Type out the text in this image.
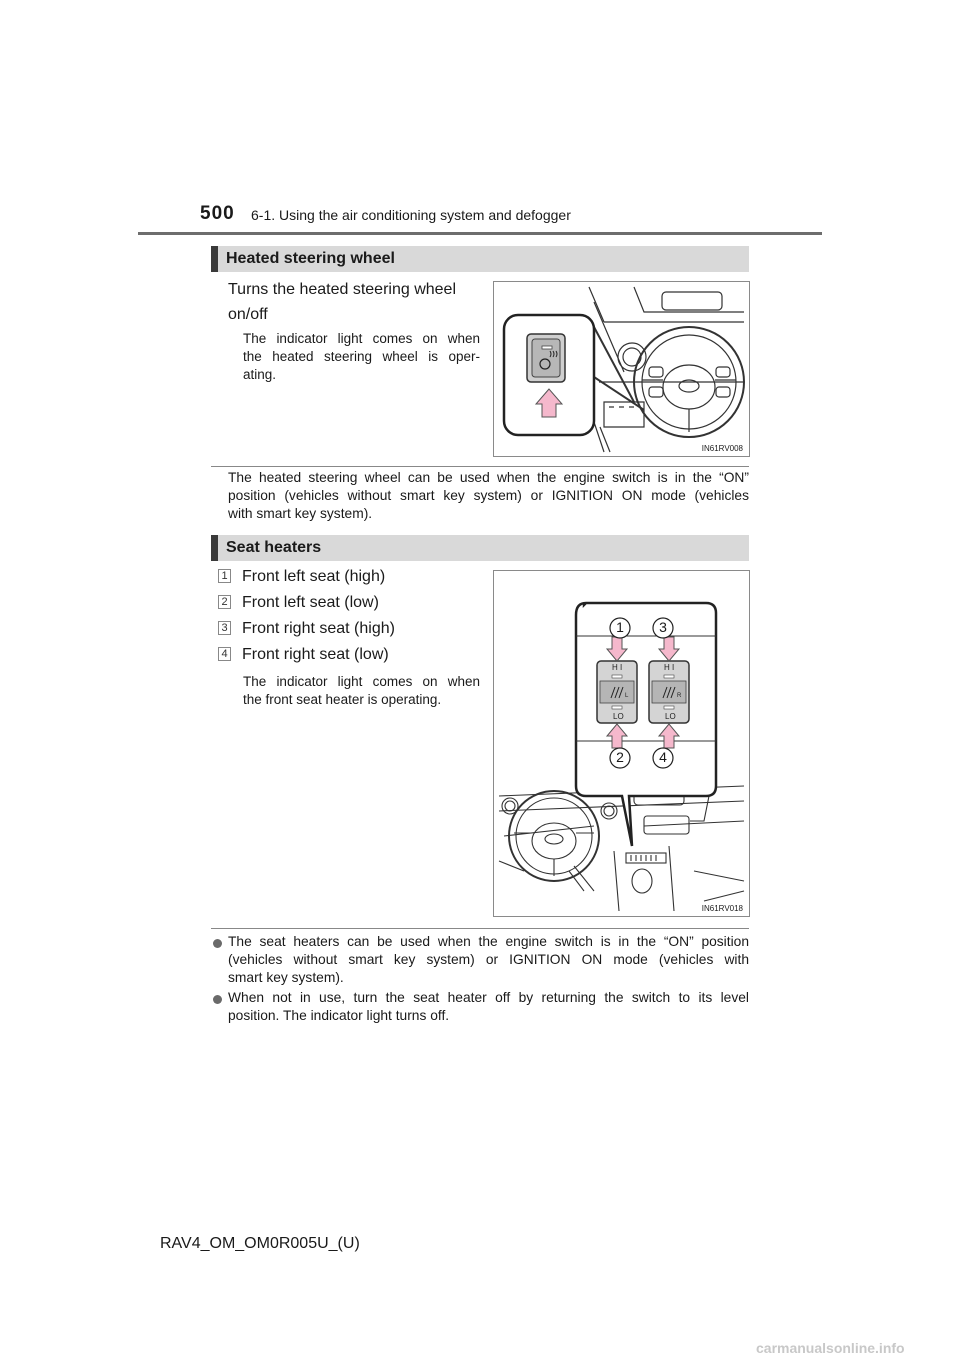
500 6-1. Using the air conditioning system and defogger
Heated steering wheel
Turns the heated steering wheel
on/off
The indicator light comes on when
the heated steering wheel is oper-
ating.
IN61RV008
The heated steering wheel can be used when the engine switch is in the “ON”
position (vehicles without smart key system) or IGNITION ON mode (vehicles
with smart key system).
Seat heaters
1 Front left seat (high)
2 Front left seat (low)
3 Front right seat (high)
4 Front right seat (low)
The indicator light comes on when
the front seat heater is operating.
H I	H I
LO	LO
L	R
1	3
2	4
IN61RV018
The seat heaters can be used when the engine switch is in the “ON” position
(vehicles without smart key system) or IGNITION ON mode (vehicles with
smart key system).
When not in use, turn the seat heater off by returning the switch to its level
position. The indicator light turns off.
RAV4_OM_OM0R005U_(U)
carmanualsonline.info
